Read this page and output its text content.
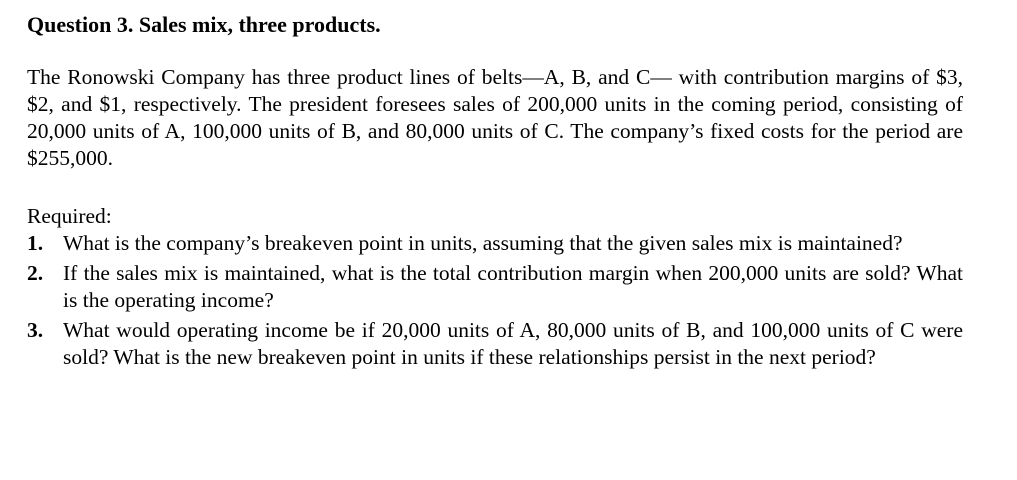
Question 3. Sales mix, three products.

The Ronowski Company has three product lines of belts—A, B, and C— with contribution margins of $3, $2, and $1, respectively. The president foresees sales of 200,000 units in the coming period, consisting of 20,000 units of A, 100,000 units of B, and 80,000 units of C. The company’s fixed costs for the period are $255,000.

Required:
1. What is the company’s breakeven point in units, assuming that the given sales mix is maintained?
2. If the sales mix is maintained, what is the total contribution margin when 200,000 units are sold? What is the operating income?
3. What would operating income be if 20,000 units of A, 80,000 units of B, and 100,000 units of C were sold? What is the new breakeven point in units if these relationships persist in the next period?
